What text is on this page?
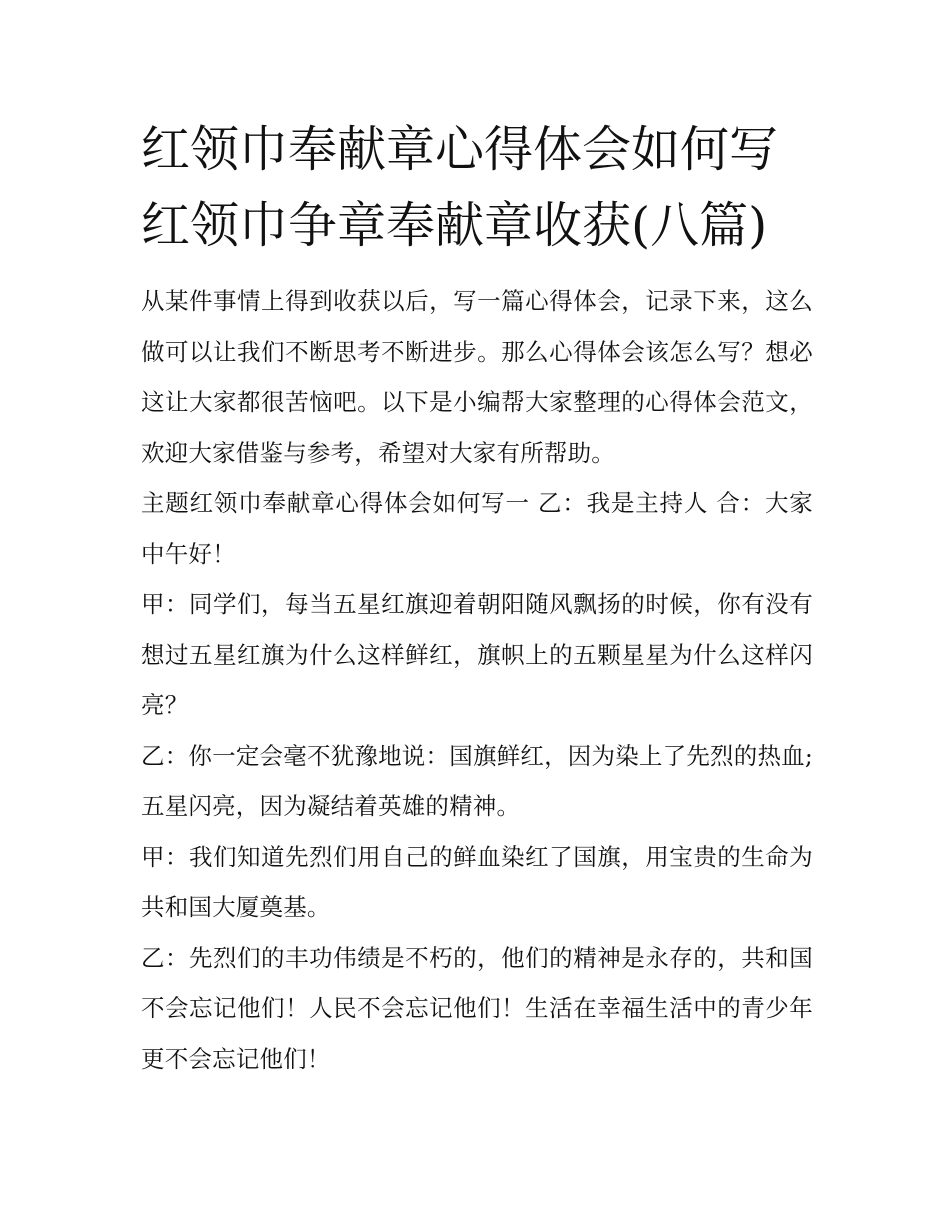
红领巾奉献章心得体会如何写
红领巾争章奉献章收获(八篇)

从某件事情上得到收获以后，写一篇心得体会，记录下来，这么做可以让我们不断思考不断进步。那么心得体会该怎么写？想必这让大家都很苦恼吧。以下是小编帮大家整理的心得体会范文，欢迎大家借鉴与参考，希望对大家有所帮助。

主题红领巾奉献章心得体会如何写一 乙：我是主持人 合：大家中午好！

甲：同学们，每当五星红旗迎着朝阳随风飘扬的时候，你有没有想过五星红旗为什么这样鲜红，旗帜上的五颗星星为什么这样闪亮？

乙：你一定会毫不犹豫地说：国旗鲜红，因为染上了先烈的热血;五星闪亮，因为凝结着英雄的精神。

甲：我们知道先烈们用自己的鲜血染红了国旗，用宝贵的生命为共和国大厦奠基。

乙：先烈们的丰功伟绩是不朽的，他们的精神是永存的，共和国不会忘记他们！人民不会忘记他们！生活在幸福生活中的青少年更不会忘记他们！
